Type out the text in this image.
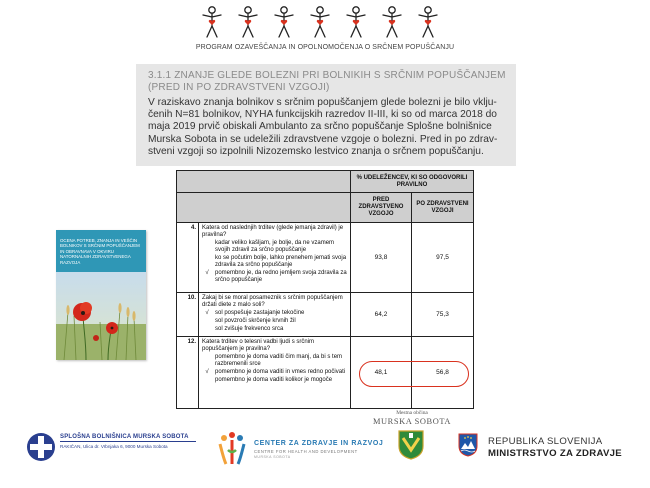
PROGRAM OZAVEŠČANJA IN OPOLNOMOČENJA O SRČNEM POPUŠČANJU
3.1.1 ZNANJE GLEDE BOLEZNI PRI BOLNIKIH S SRČNIM POPUŠČANJEM (PRED IN PO ZDRAVSTVENI VZGOJI)
V raziskavo znanja bolnikov s srčnim popuščanjem glede bolezni je bilo vklju-čenih N=81 bolnikov, NYHA funkcijskih razredov II-III, ki so od marca 2018 do maja 2019 prvič obiskali Ambulanto za srčno popuščanje Splošne bolnišnice Murska Sobota in se udeležili zdravstvene vzgoje o bolezni. Pred in po zdrav-stveni vzgoji so izpolnili Nizozemsko lestvico znanja o srčnem popuščanju.
OCENA POTREB, ZNANJA IN VEŠČIN BOLNIKOV S SRČNIM POPUŠČANJEM IN OBRAVNAVA V OKVIRU NATORNALNIH ZDRAVSTVENEGA RAZVOJA
		% UDELEŽENCEV, KI SO ODGOVORILI PRAVILNO	
		PRED ZDRAVSTVENO VZGOJO	PO ZDRAVSTVENI VZGOJI
4.	Katera od naslednjih trditev (glede jemanja zdravil) je pravilna?
kadar veliko kašljam, je bolje, da ne vzamem svojih zdravil za srčno popuščanje
ko se počutim bolje, lahko prenehem jemati svoja zdravila za srčno popuščanje
√ pomembno je, da redno jemljem svoja zdravila za srčno popuščanje	93,8	97,5
10.	Zakaj bi se moral posameznik s srčnim popuščanjem držati diete z malo soli?
√ sol pospešuje zastajanje tekočine
sol povzroči skrčenje krvnih žil
sol zvišuje frekvenco srca	64,2	75,3
12.	Katera trditev o telesni vadbi ljudi s srčnim popuščanjem je pravilna?
pomembno je doma vaditi čim manj, da bi s tem razbremenili srce
√ pomembno je doma vaditi in vmes redno počivati
pomembno je doma vaditi kolikor je mogoče	48,1	56,8
SPLOŠNA BOLNIŠNICA MURSKA SOBOTA
RAKIČAN, Ulica dr. Vrbnjaka 6, 9000 Murska Sobota	CENTER ZA ZDRAVJE IN RAZVOJ
CENTRE FOR HEALTH AND DEVELOPMENT
MURSKA SOBOTA
Mestna občina
MURSKA SOBOTA
REPUBLIKA SLOVENIJA
MINISTRSTVO ZA ZDRAVJE
